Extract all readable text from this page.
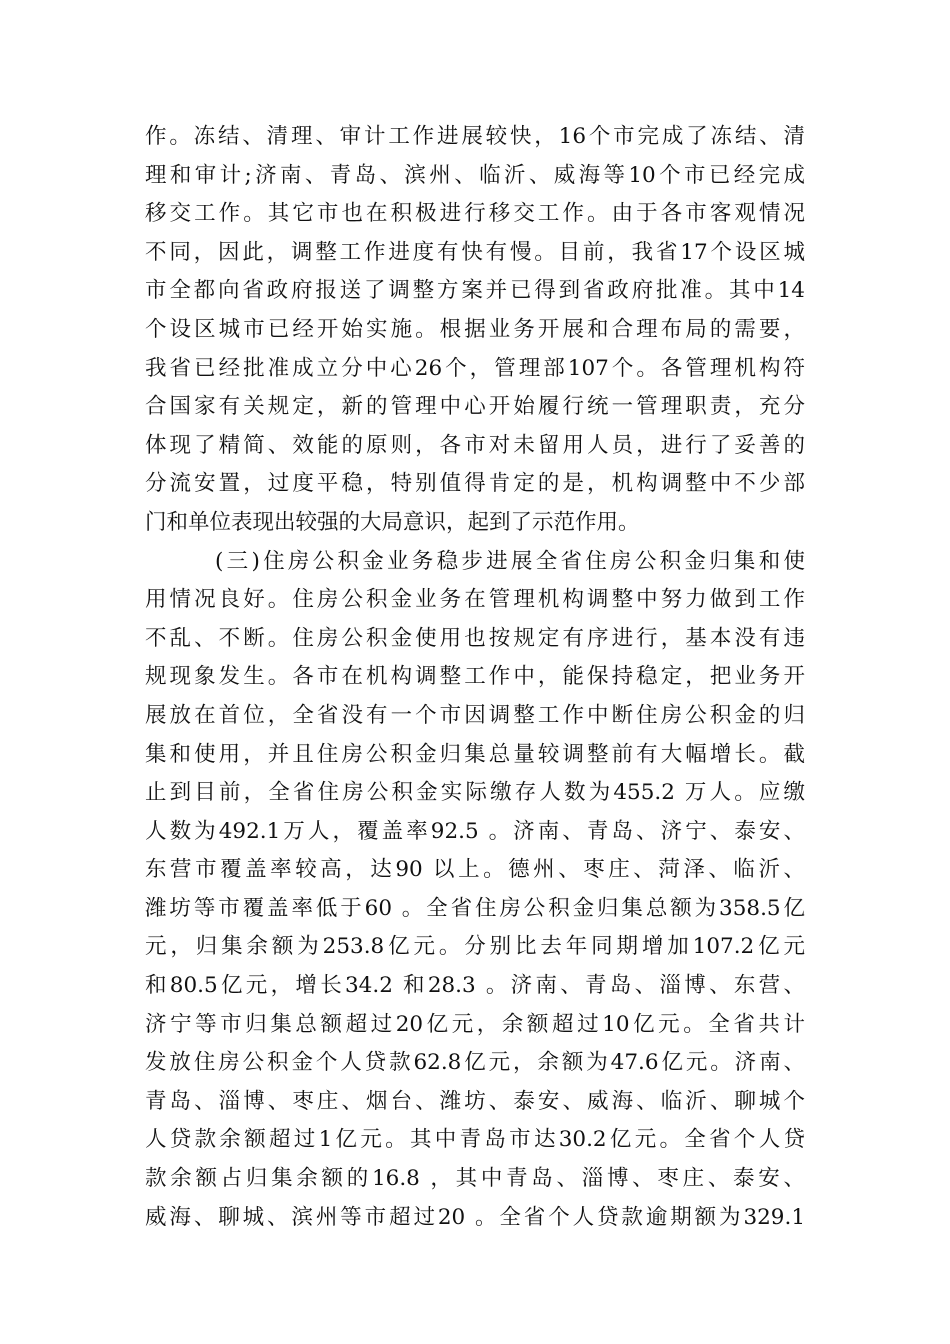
作。冻结、清理、审计工作进展较快，16个市完成了冻结、清
理和审计;济南、青岛、滨州、临沂、威海等10个市已经完成
移交工作。其它市也在积极进行移交工作。由于各市客观情况
不同，因此，调整工作进度有快有慢。目前，我省17个设区城
市全都向省政府报送了调整方案并已得到省政府批准。其中14
个设区城市已经开始实施。根据业务开展和合理布局的需要，
我省已经批准成立分中心26个，管理部107个。各管理机构符
合国家有关规定，新的管理中心开始履行统一管理职责，充分
体现了精简、效能的原则，各市对未留用人员，进行了妥善的
分流安置，过度平稳，特别值得肯定的是，机构调整中不少部
门和单位表现出较强的大局意识，起到了示范作用。
(三)住房公积金业务稳步进展全省住房公积金归集和使
用情况良好。住房公积金业务在管理机构调整中努力做到工作
不乱、不断。住房公积金使用也按规定有序进行，基本没有违
规现象发生。各市在机构调整工作中，能保持稳定，把业务开
展放在首位，全省没有一个市因调整工作中断住房公积金的归
集和使用，并且住房公积金归集总量较调整前有大幅增长。截
止到目前，全省住房公积金实际缴存人数为455.2 万人。应缴
人数为492.1万人，覆盖率92.5 。济南、青岛、济宁、泰安、
东营市覆盖率较高，达90 以上。德州、枣庄、菏泽、临沂、
潍坊等市覆盖率低于60 。全省住房公积金归集总额为358.5亿
元，归集余额为253.8亿元。分别比去年同期增加107.2亿元
和80.5亿元，增长34.2 和28.3 。济南、青岛、淄博、东营、
济宁等市归集总额超过20亿元，余额超过10亿元。全省共计
发放住房公积金个人贷款62.8亿元，余额为47.6亿元。济南、
青岛、淄博、枣庄、烟台、潍坊、泰安、威海、临沂、聊城个
人贷款余额超过1亿元。其中青岛市达30.2亿元。全省个人贷
款余额占归集余额的16.8 ，其中青岛、淄博、枣庄、泰安、
威海、聊城、滨州等市超过20 。全省个人贷款逾期额为329.1
